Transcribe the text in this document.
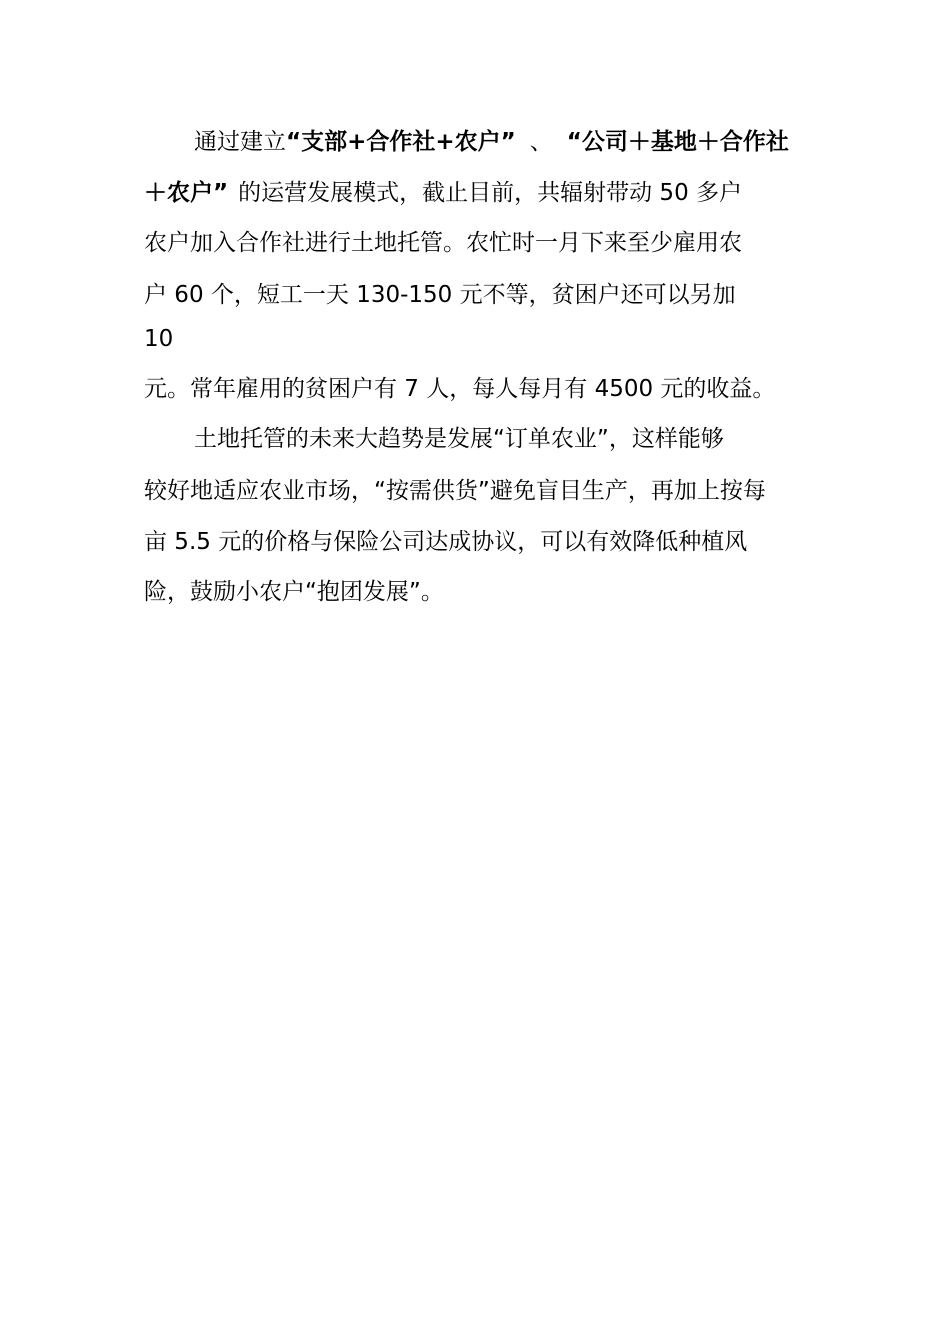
通过建立“支部+合作社+农户” 、 “公司＋基地＋合作社
＋农户” 的运营发展模式，截止目前，共辐射带动 50 多户
农户加入合作社进行土地托管。农忙时一月下来至少雇用农
户 60 个，短工一天 130-150 元不等，贫困户还可以另加
10
元。常年雇用的贫困户有 7 人，每人每月有 4500 元的收益。
土地托管的未来大趋势是发展“订单农业”，这样能够
较好地适应农业市场，“按需供货”避免盲目生产，再加上按每
亩 5.5 元的价格与保险公司达成协议，可以有效降低种植风
险，鼓励小农户“抱团发展”。
